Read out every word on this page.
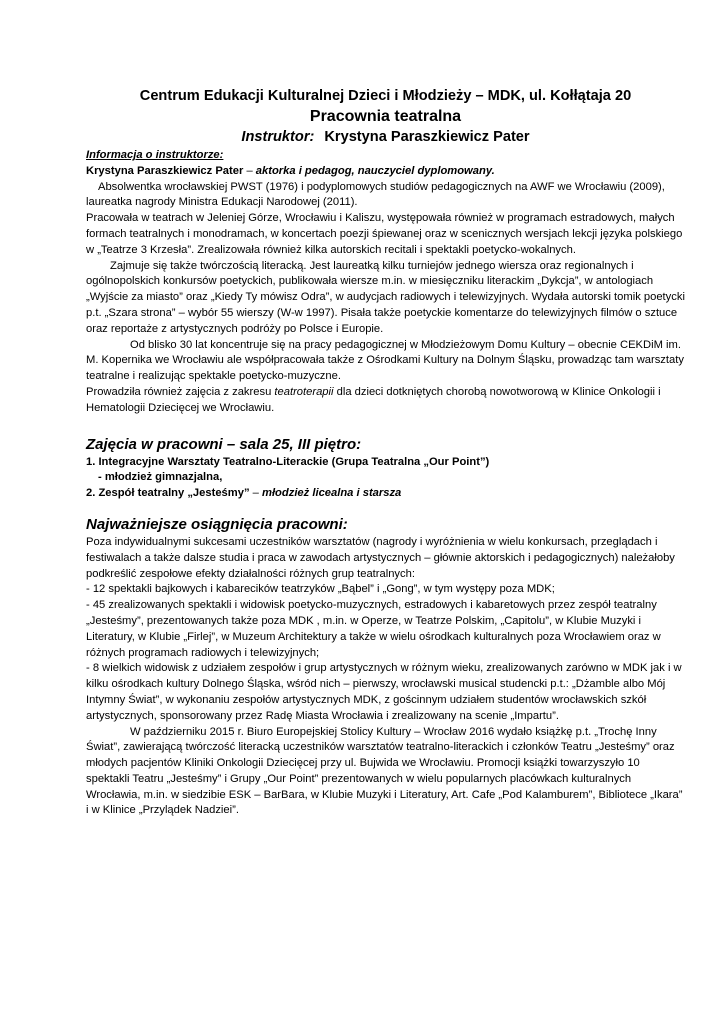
Centrum Edukacji Kulturalnej Dzieci i Młodzieży – MDK, ul. Kołłątaja 20

Pracownia teatralna

Instruktor: Krystyna Paraszkiewicz Pater

Informacja o instruktorze:

Krystyna Paraszkiewicz Pater – aktorka i pedagog, nauczyciel dyplomowany.

Absolwentka wrocławskiej PWST (1976) i podyplomowych studiów pedagogicznych na AWF we Wrocławiu (2009), laureatka nagrody Ministra Edukacji Narodowej (2011).

Pracowała w teatrach w Jeleniej Górze, Wrocławiu i Kaliszu, występowała również w programach estradowych, małych formach teatralnych i monodramach, w koncertach poezji śpiewanej oraz w scenicznych wersjach lekcji języka polskiego w „Teatrze 3 Krzesła”. Zrealizowała również kilka autorskich recitali i spektakli poetycko-wokalnych.

Zajmuje się także twórczością literacką. Jest laureatką kilku turniejów jednego wiersza oraz regionalnych i ogólnopolskich konkursów poetyckich, publikowała wiersze m.in. w miesięczniku literackim „Dykcja”, w antologiach „Wyjście za miasto” oraz „Kiedy Ty mówisz Odra”, w audycjach radiowych i telewizyjnych. Wydała autorski tomik poetycki p.t. „Szara strona” – wybór 55 wierszy (W-w 1997). Pisała także poetyckie komentarze do telewizyjnych filmów o sztuce oraz reportaże z artystycznych podróży po Polsce i Europie.

Od blisko 30 lat koncentruje się na pracy pedagogicznej w Młodzieżowym Domu Kultury – obecnie CEKDiM im. M. Kopernika we Wrocławiu ale współpracowała także z Ośrodkami Kultury na Dolnym Śląsku, prowadząc tam warsztaty teatralne i realizując spektakle poetycko-muzyczne.

Prowadziła również zajęcia z zakresu teatroterapii dla dzieci dotkniętych chorobą nowotworową w Klinice Onkologii i Hematologii Dziecięcej we Wrocławiu.

Zajęcia w pracowni – sala 25, III piętro:

1. Integracyjne Warsztaty Teatralno-Literackie (Grupa Teatralna „Our Point”)

- młodzież gimnazjalna,

2. Zespół teatralny „Jesteśmy” – młodzież licealna i starsza

Najważniejsze osiągnięcia pracowni:

Poza indywidualnymi sukcesami uczestników warsztatów (nagrody i wyróżnienia w wielu konkursach, przeglądach i festiwalach a także dalsze studia i praca w zawodach artystycznych – głównie aktorskich i pedagogicznych) należałoby podkreślić zespołowe efekty działalności różnych grup teatralnych:

- 12 spektakli bajkowych i kabarecików teatrzyków „Bąbel” i „Gong”, w tym występy poza MDK;

- 45 zrealizowanych spektakli i widowisk poetycko-muzycznych, estradowych i kabaretowych przez zespół teatralny „Jesteśmy”, prezentowanych także poza MDK , m.in. w Operze, w Teatrze Polskim, „Capitolu”, w Klubie Muzyki i Literatury, w Klubie „Firlej”, w Muzeum Architektury a także w wielu ośrodkach kulturalnych poza Wrocławiem oraz w różnych programach radiowych i telewizyjnych;

- 8 wielkich widowisk z udziałem zespołów i grup artystycznych w różnym wieku, zrealizowanych zarówno w MDK jak i w kilku ośrodkach kultury Dolnego Śląska, wśród nich – pierwszy, wrocławski musical studencki p.t.: „Dżamble albo Mój Intymny Świat”, w wykonaniu zespołów artystycznych MDK, z gościnnym udziałem studentów wrocławskich szkół artystycznych, sponsorowany przez Radę Miasta Wrocławia i zrealizowany na scenie „Impartu”.

W październiku 2015 r. Biuro Europejskiej Stolicy Kultury – Wrocław 2016 wydało książkę p.t. „Trochę Inny Świat”, zawierającą twórczość literacką uczestników warsztatów teatralno-literackich i członków Teatru „Jesteśmy” oraz młodych pacjentów Kliniki Onkologii Dziecięcej przy ul. Bujwida we Wrocławiu. Promocji książki towarzyszyło 10 spektakli Teatru „Jesteśmy” i Grupy „Our Point” prezentowanych w wielu popularnych placówkach kulturalnych Wrocławia, m.in. w siedzibie ESK – BarBara, w Klubie Muzyki i Literatury, Art. Cafe „Pod Kalamburem”, Bibliotece „Ikara” i w Klinice „Przylądek Nadziei”.
